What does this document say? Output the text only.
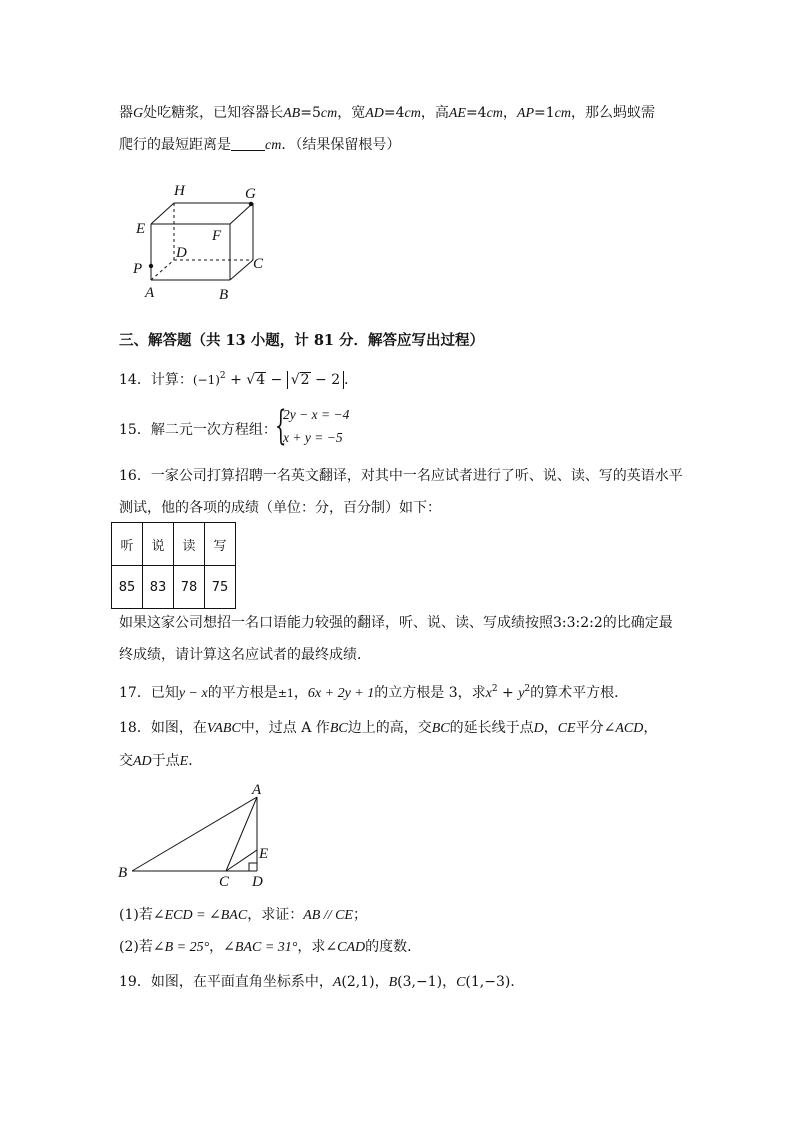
器G处吃糖浆，已知容器长AB=5cm，宽AD=4cm，高AE=4cm，AP=1cm，那么蚂蚁需
爬行的最短距离是 cm．（结果保留根号）
H	G
E	F
D
C
P
A	B
三、解答题（共 13 小题，计 81 分．解答应写出过程）
14．计算：$(-1)^2 + √4 - √2 - 2$ ．
15．解二元一次方程组：
{
2y − x = −4
x + y = −5
16．一家公司打算招聘一名英文翻译，对其中一名应试者进行了听、说、读、写的英语水平
测试，他的各项的成绩（单位：分，百分制）如下：
听	说	读	写
85	83	78	75
如果这家公司想招一名口语能力较强的翻译，听、说、读、写成绩按照3:3:2:2的比确定最
终成绩，请计算这名应试者的最终成绩．
17．已知y − x的平方根是±1，6x + 2y + 1的立方根是 3，求$x^2 + y^2$的算术平方根．
18．如图，在VABC中，过点 A 作BC边上的高，交BC的延长线于点D，CE平分∠ACD，
交AD于点E．
A
B
C D
E
(1)若∠ECD = ∠BAC，求证：AB // CE；
(2)若∠B = 25°，∠BAC = 31°，求∠CAD的度数．
19．如图，在平面直角坐标系中，A(2,1)，B(3,−1)，C(1,−3)．
